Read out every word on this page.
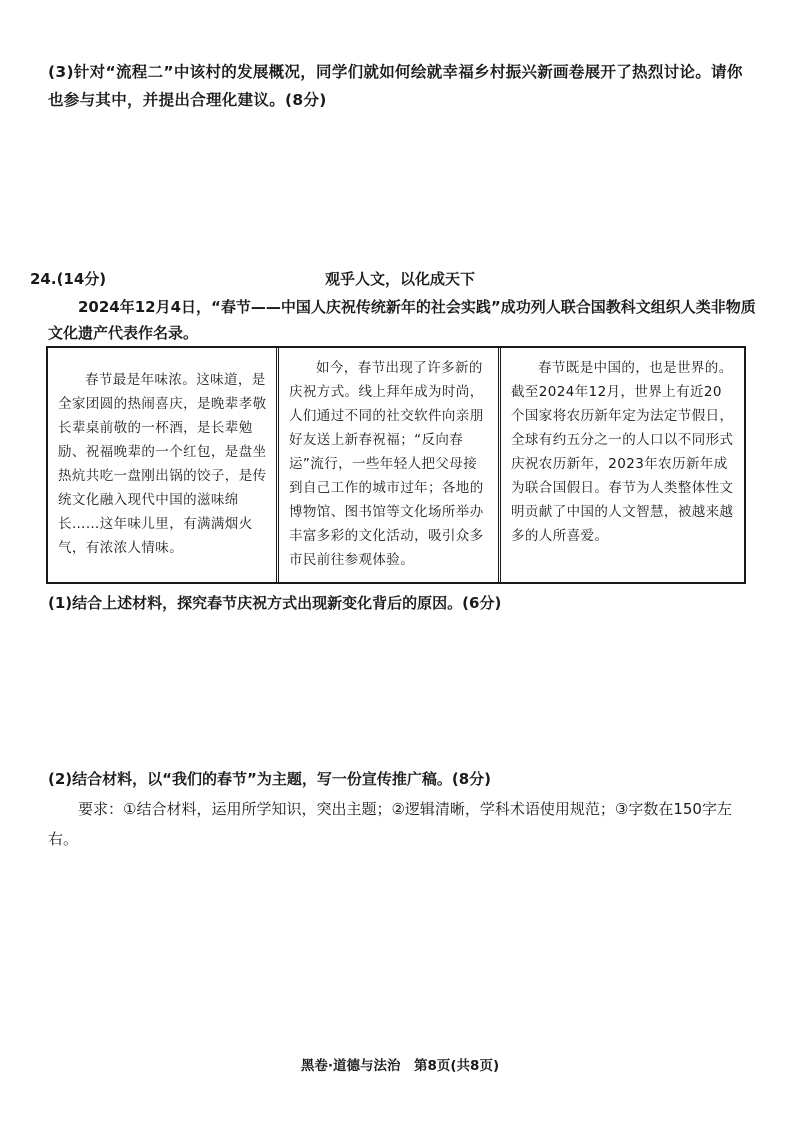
(3)针对“流程二”中该村的发展概况，同学们就如何绘就幸福乡村振兴新画卷展开了热烈讨论。请你也参与其中，并提出合理化建议。(8分)
24.(14分)	观乎人文，以化成天下
2024年12月4日，“春节——中国人庆祝传统新年的社会实践”成功列人联合国教科文组织人类非物质文化遗产代表作名录。

春节最是年味浓。这味道，是全家团圆的热闹喜庆，是晚辈孝敬长辈桌前敬的一杯酒，是长辈勉励、祝福晚辈的一个红包，是盘坐热炕共吃一盘刚出锅的饺子，是传统文化融入现代中国的滋味绵长……这年味儿里，有满满烟火气，有浓浓人情味。

如今，春节出现了许多新的庆祝方式。线上拜年成为时尚，人们通过不同的社交软件向亲朋好友送上新春祝福；“反向春运”流行，一些年轻人把父母接到自己工作的城市过年；各地的博物馆、图书馆等文化场所举办丰富多彩的文化活动，吸引众多市民前往参观体验。

春节既是中国的，也是世界的。截至2024年12月，世界上有近20个国家将农历新年定为法定节假日，全球有约五分之一的人口以不同形式庆祝农历新年，2023年农历新年成为联合国假日。春节为人类整体性文明贡献了中国的人文智慧，被越来越多的人所喜爱。

(1)结合上述材料，探究春节庆祝方式出现新变化背后的原因。(6分)
(2)结合材料，以“我们的春节”为主题，写一份宣传推广稿。(8分)
要求：①结合材料，运用所学知识，突出主题；②逻辑清晰，学科术语使用规范；③字数在150字左右。
黑卷·道德与法治　第8页(共8页)
